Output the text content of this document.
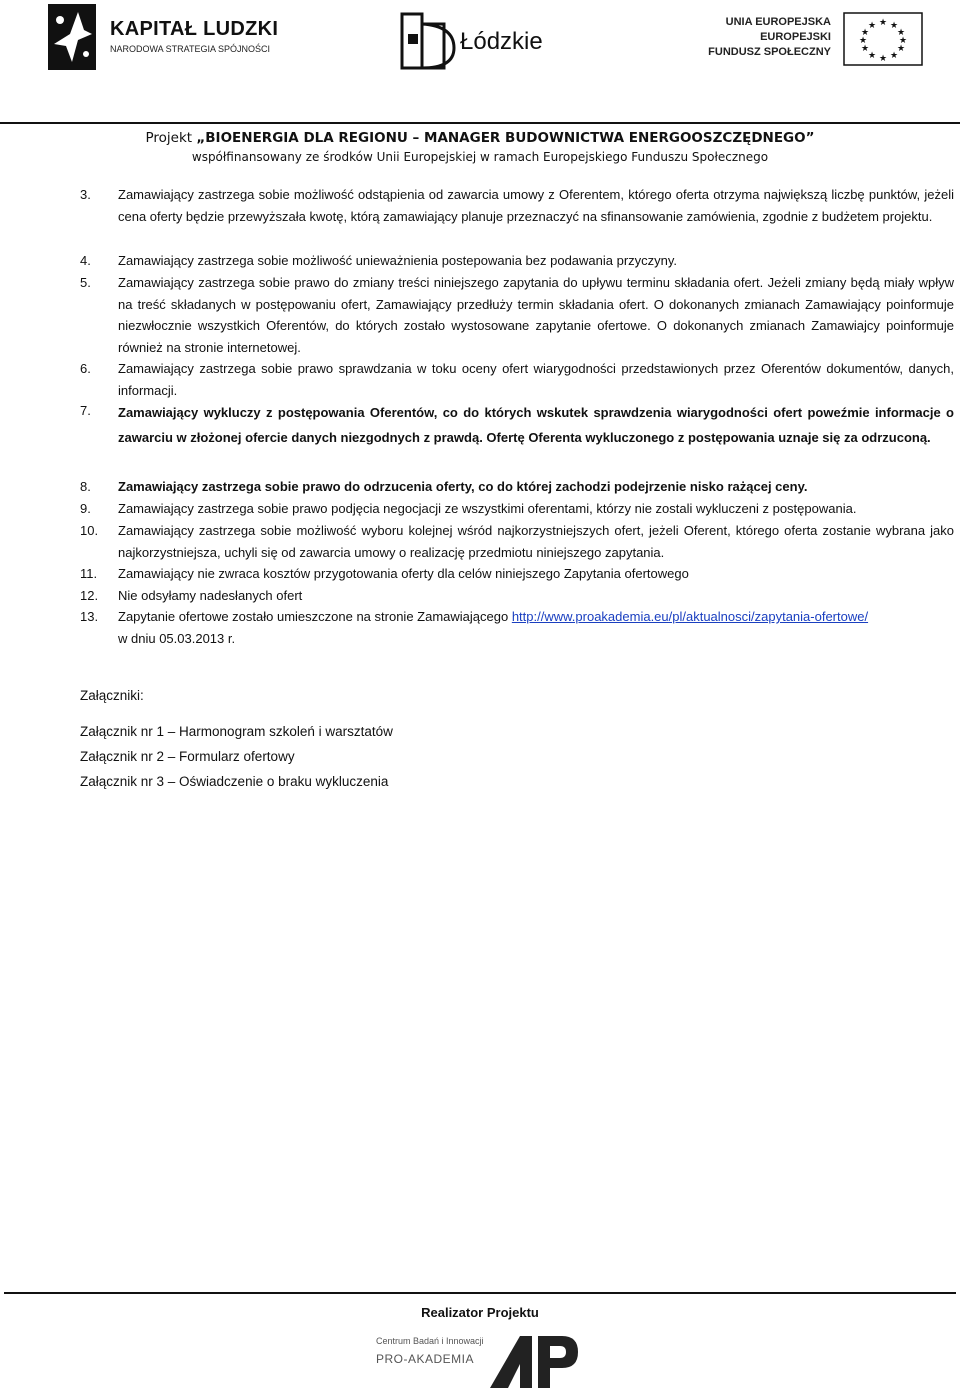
KAPITAŁ LUDZKI
NARODOWA STRATEGIA SPÓJNOŚCI	Łódzkie
UNIA EUROPEJSKA
EUROPEJSKI
FUNDUSZ SPOŁECZNY
★ ★
★
★
★
★
★
★
★
★
★
★
Projekt „BIOENERGIA DLA REGIONU – MANAGER BUDOWNICTWA ENERGOOSZCZĘDNEGO”
współfinansowany ze środków Unii Europejskiej w ramach Europejskiego Funduszu Społecznego
3.	Zamawiający zastrzega sobie możliwość odstąpienia od zawarcia umowy z Oferentem, którego oferta otrzyma największą liczbę punktów, jeżeli cena oferty będzie przewyższała kwotę, którą zamawiający planuje przeznaczyć na sfinansowanie zamówienia, zgodnie z budżetem projektu.
4.	Zamawiający zastrzega sobie możliwość unieważnienia postepowania bez podawania przyczyny.
5.	Zamawiający zastrzega sobie prawo do zmiany treści niniejszego zapytania do upływu terminu składania ofert. Jeżeli zmiany będą miały wpływ na treść składanych w postępowaniu ofert, Zamawiający przedłuży termin składania ofert. O dokonanych zmianach Zamawiający poinformuje niezwłocznie wszystkich Oferentów, do których zostało wystosowane zapytanie ofertowe. O dokonanych zmianach Zamawiajcy poinformuje również na stronie internetowej.
6.	Zamawiający zastrzega sobie prawo sprawdzania w toku oceny ofert wiarygodności przedstawionych przez Oferentów dokumentów, danych, informacji.
7.	Zamawiający wykluczy z postępowania Oferentów, co do których wskutek sprawdzenia wiarygodności ofert poweźmie informacje o zawarciu w złożonej ofercie danych niezgodnych z prawdą. Ofertę Oferenta wykluczonego z postępowania uznaje się za odrzuconą.
8.	Zamawiający zastrzega sobie prawo do odrzucenia oferty, co do której zachodzi podejrzenie nisko rażącej ceny.
9.	Zamawiający zastrzega sobie prawo podjęcia negocjacji ze wszystkimi oferentami, którzy nie zostali wykluczeni z postępowania.
10.	Zamawiający zastrzega sobie możliwość wyboru kolejnej wśród najkorzystniejszych ofert, jeżeli Oferent, którego oferta zostanie wybrana jako najkorzystniejsza, uchyli się od zawarcia umowy o realizację przedmiotu niniejszego zapytania.
11.	Zamawiający nie zwraca kosztów przygotowania oferty dla celów niniejszego Zapytania ofertowego
12.	Nie odsyłamy nadesłanych ofert
13.	Zapytanie ofertowe zostało umieszczone na stronie Zamawiającego http://www.proakademia.eu/pl/aktualnosci/zapytania-ofertowe/
w dniu 05.03.2013 r.
Załączniki:
Załącznik nr 1 – Harmonogram szkoleń i warsztatów
Załącznik nr 2 – Formularz ofertowy
Załącznik nr 3 – Oświadczenie o braku wykluczenia
Realizator Projektu
Centrum Badań i Innowacji
PRO-AKADEMIA
